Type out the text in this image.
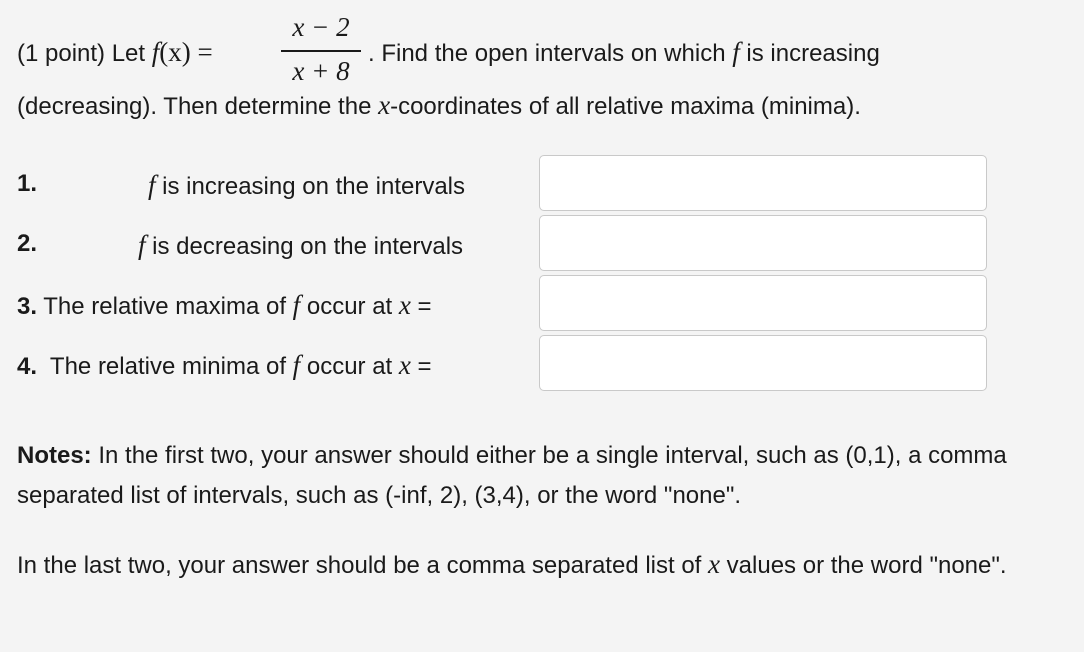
(1 point) Let f(x) =
x − 2
x + 8
. Find the open intervals on which f is increasing
(decreasing). Then determine the x-coordinates of all relative maxima (minima).
1.	f is increasing on the intervals
2.	f is decreasing on the intervals
3. The relative maxima of f occur at x =
4.  The relative minima of f occur at x =
Notes: In the first two, your answer should either be a single interval, such as (0,1), a comma separated list of intervals, such as (-inf, 2), (3,4), or the word "none".
In the last two, your answer should be a comma separated list of x values or the word "none".
